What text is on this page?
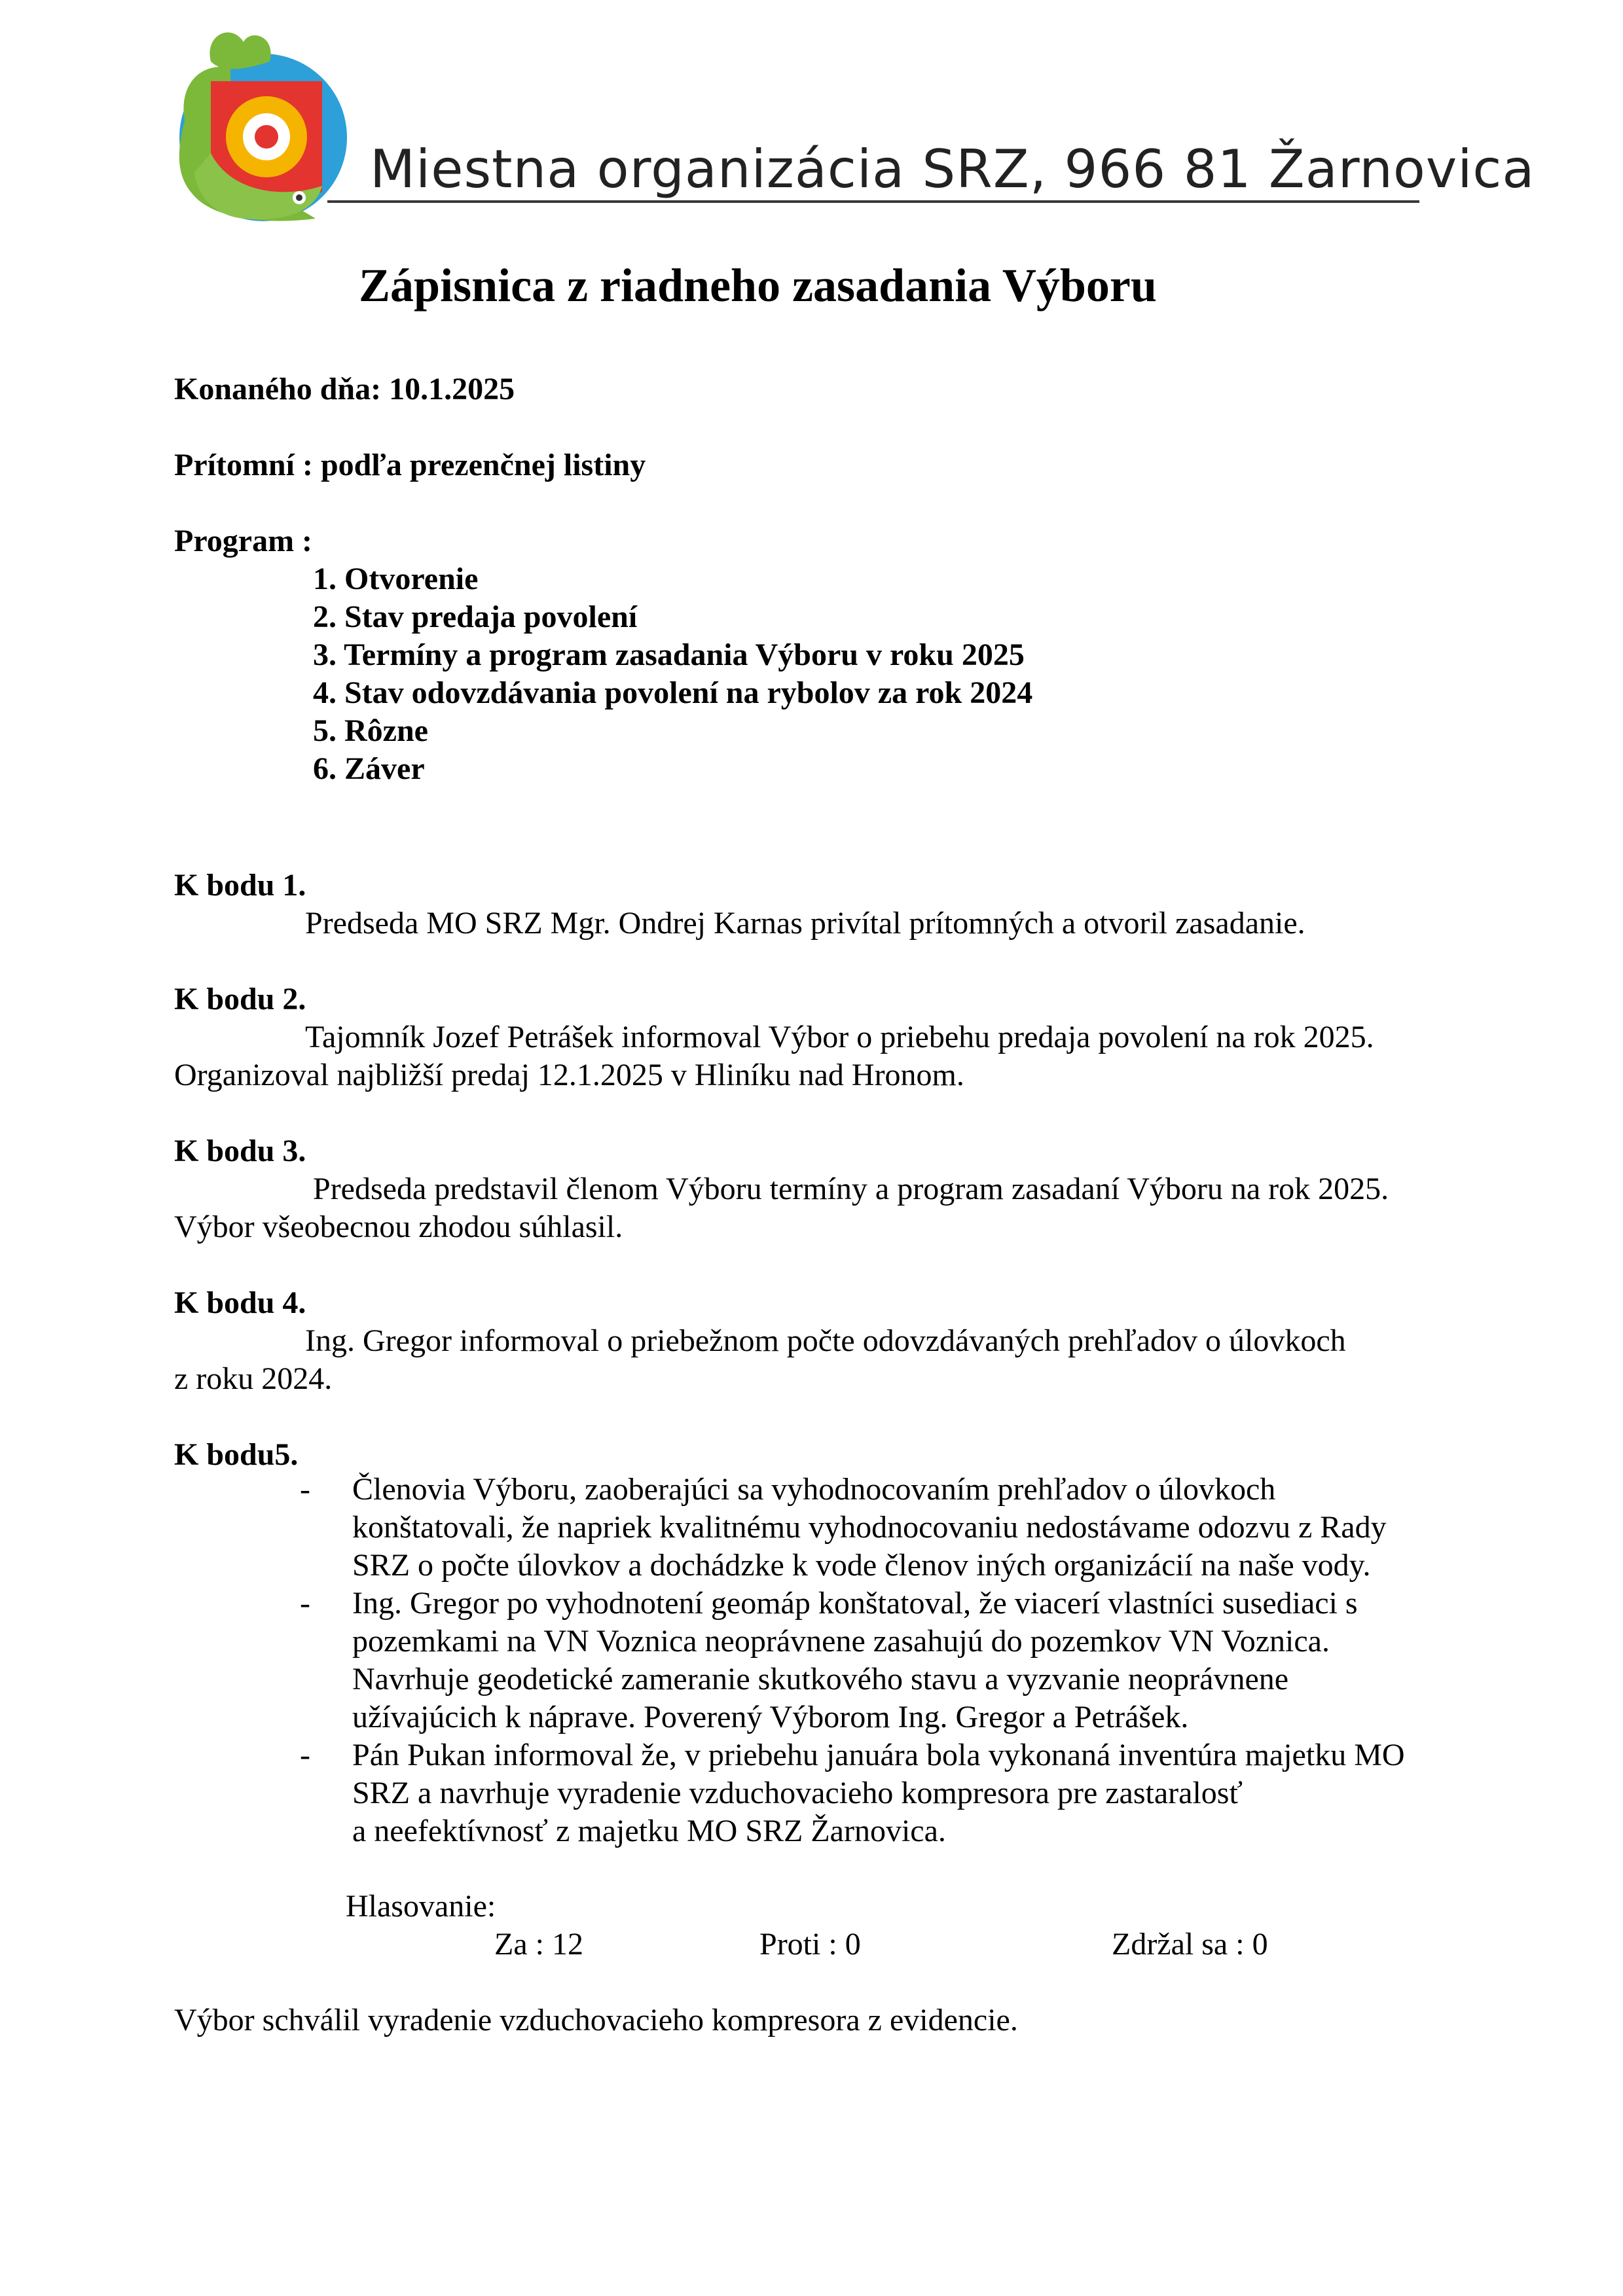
Miestna organizácia SRZ, 966 81 Žarnovica
Zápisnica z riadneho zasadania Výboru
Konaného dňa: 10.1.2025
Prítomní : podľa prezenčnej listiny
Program :
1. Otvorenie
2. Stav predaja povolení
3. Termíny a program zasadania Výboru v roku 2025
4. Stav odovzdávania povolení na rybolov za rok 2024
5. Rôzne
6. Záver
K bodu 1.
Predseda MO SRZ Mgr. Ondrej Karnas privítal prítomných a otvoril zasadanie.
K bodu 2.
Tajomník Jozef Petrášek informoval Výbor o priebehu predaja povolení na rok 2025.
Organizoval najbližší predaj 12.1.2025 v Hliníku nad Hronom.
K bodu 3.
Predseda predstavil členom Výboru termíny a program zasadaní Výboru na rok 2025.
Výbor všeobecnou zhodou súhlasil.
K bodu 4.
Ing. Gregor informoval o priebežnom počte odovzdávaných prehľadov o úlovkoch
z roku 2024.
K bodu5.
- Členovia Výboru, zaoberajúci sa vyhodnocovaním prehľadov o úlovkoch
konštatovali, že napriek kvalitnému vyhodnocovaniu nedostávame odozvu z Rady
SRZ o počte úlovkov a dochádzke k vode členov iných organizácií na naše vody.
- Ing. Gregor po vyhodnotení geomáp konštatoval, že viacerí vlastníci susediaci s
pozemkami na VN Voznica neoprávnene zasahujú do pozemkov VN Voznica.
Navrhuje geodetické zameranie skutkového stavu a vyzvanie neoprávnene
užívajúcich k náprave. Poverený Výborom Ing. Gregor a Petrášek.
- Pán Pukan informoval že, v priebehu januára bola vykonaná inventúra majetku MO
SRZ a navrhuje vyradenie vzduchovacieho kompresora pre zastaralosť
a neefektívnosť z majetku MO SRZ Žarnovica.
Hlasovanie:
Za : 12	Proti : 0	Zdržal sa : 0
Výbor schválil vyradenie vzduchovacieho kompresora z evidencie.
